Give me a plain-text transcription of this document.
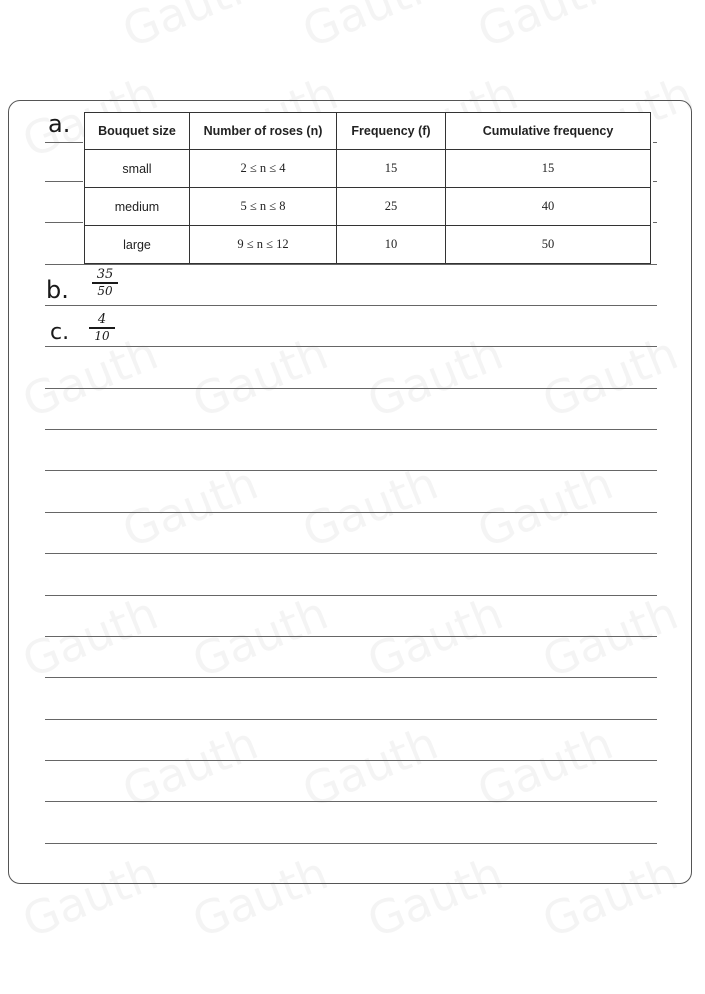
a.
b.
35
50
c.
4
10
Bouquet size	Number of roses (n)	Frequency (f)	Cumulative frequency
small	2 ≤ n ≤ 4	15	15
medium	5 ≤ n ≤ 8	25	40
large	9 ≤ n ≤ 12	10	50
